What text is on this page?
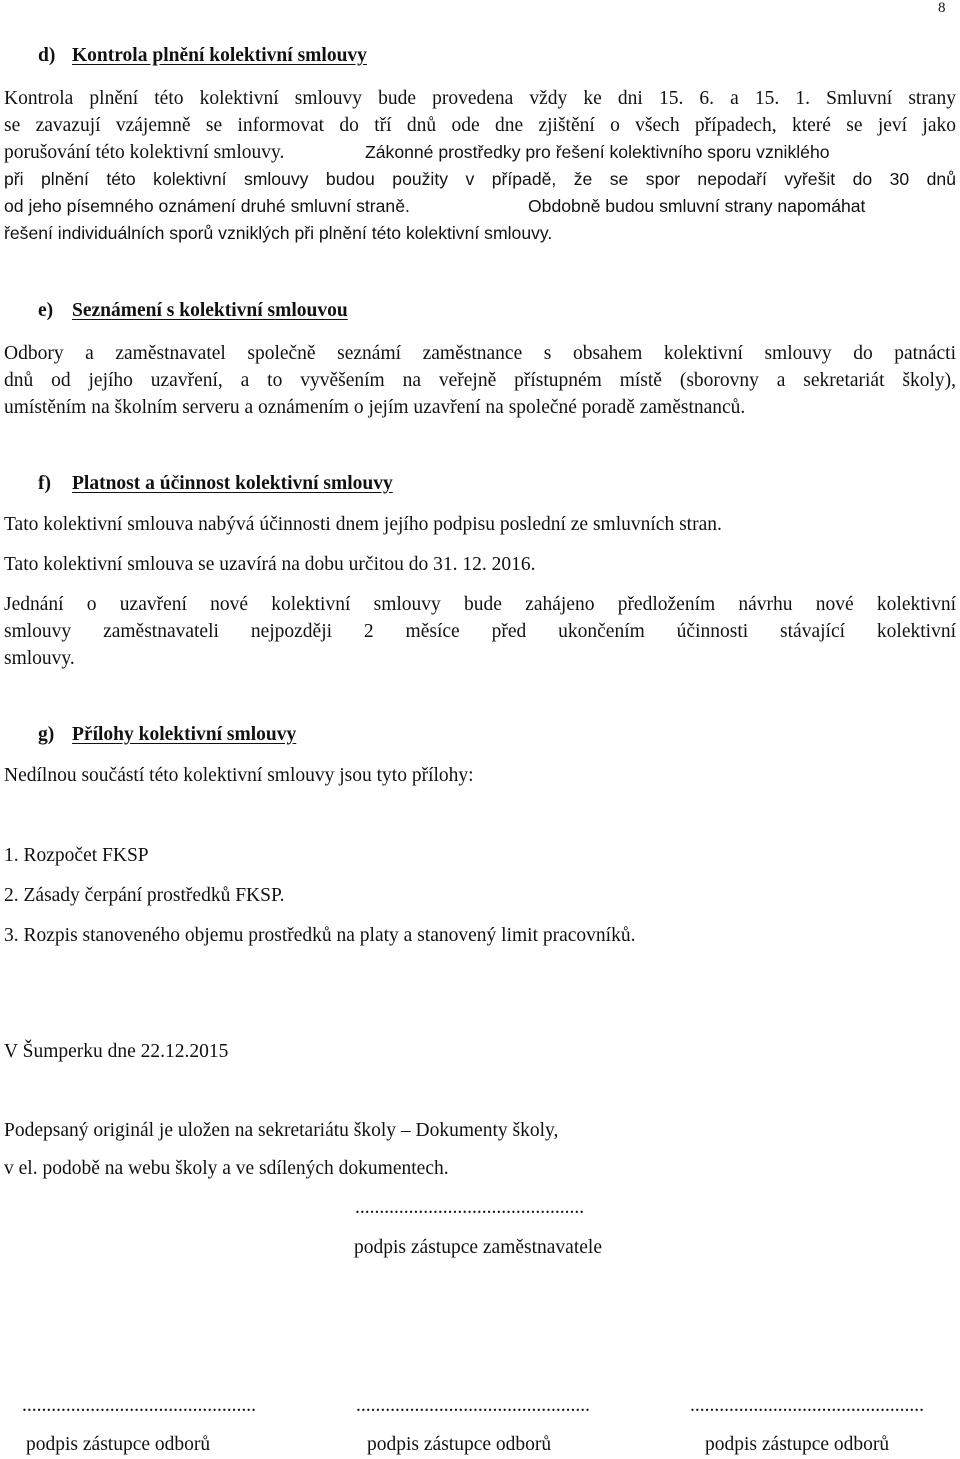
8
d) Kontrola plnění kolektivní smlouvy
Kontrola plnění této kolektivní smlouvy bude provedena vždy ke dni 15. 6. a 15. 1. Smluvní strany
se zavazují vzájemně se informovat do tří dnů ode dne zjištění o všech případech, které se jeví jako
porušování této kolektivní smlouvy.	Zákonné prostředky pro řešení kolektivního sporu vzniklého
při plnění této kolektivní smlouvy budou použity v případě, že se spor nepodaří vyřešit do 30 dnů
od jeho písemného oznámení druhé smluvní straně.	Obdobně budou smluvní strany napomáhat
řešení individuálních sporů vzniklých při plnění této kolektivní smlouvy.
e) Seznámení s kolektivní smlouvou
Odbory a zaměstnavatel společně seznámí zaměstnance s obsahem kolektivní smlouvy do patnácti
dnů od jejího uzavření, a to vyvěšením na veřejně přístupném místě (sborovny a sekretariát školy),
umístěním na školním serveru a oznámením o jejím uzavření na společné poradě zaměstnanců.
f) Platnost a účinnost kolektivní smlouvy
Tato kolektivní smlouva nabývá účinnosti dnem jejího podpisu poslední ze smluvních stran.
Tato kolektivní smlouva se uzavírá na dobu určitou do 31. 12. 2016.
Jednání o uzavření nové kolektivní smlouvy bude zahájeno předložením návrhu nové kolektivní
smlouvy zaměstnavateli nejpozději 2 měsíce před ukončením účinnosti stávající kolektivní
smlouvy.
g) Přílohy kolektivní smlouvy
Nedílnou součástí této kolektivní smlouvy jsou tyto přílohy:
1. Rozpočet FKSP
2. Zásady čerpání prostředků FKSP.
3. Rozpis stanoveného objemu prostředků na platy a stanovený limit pracovníků.
V Šumperku dne 22.12.2015
Podepsaný originál je uložen na sekretariátu školy – Dokumenty školy,
v el. podobě na webu školy a ve sdílených dokumentech.
...............................................
podpis zástupce zaměstnavatele
................................................	................................................	................................................
podpis zástupce odborů	podpis zástupce odborů	podpis zástupce odborů
